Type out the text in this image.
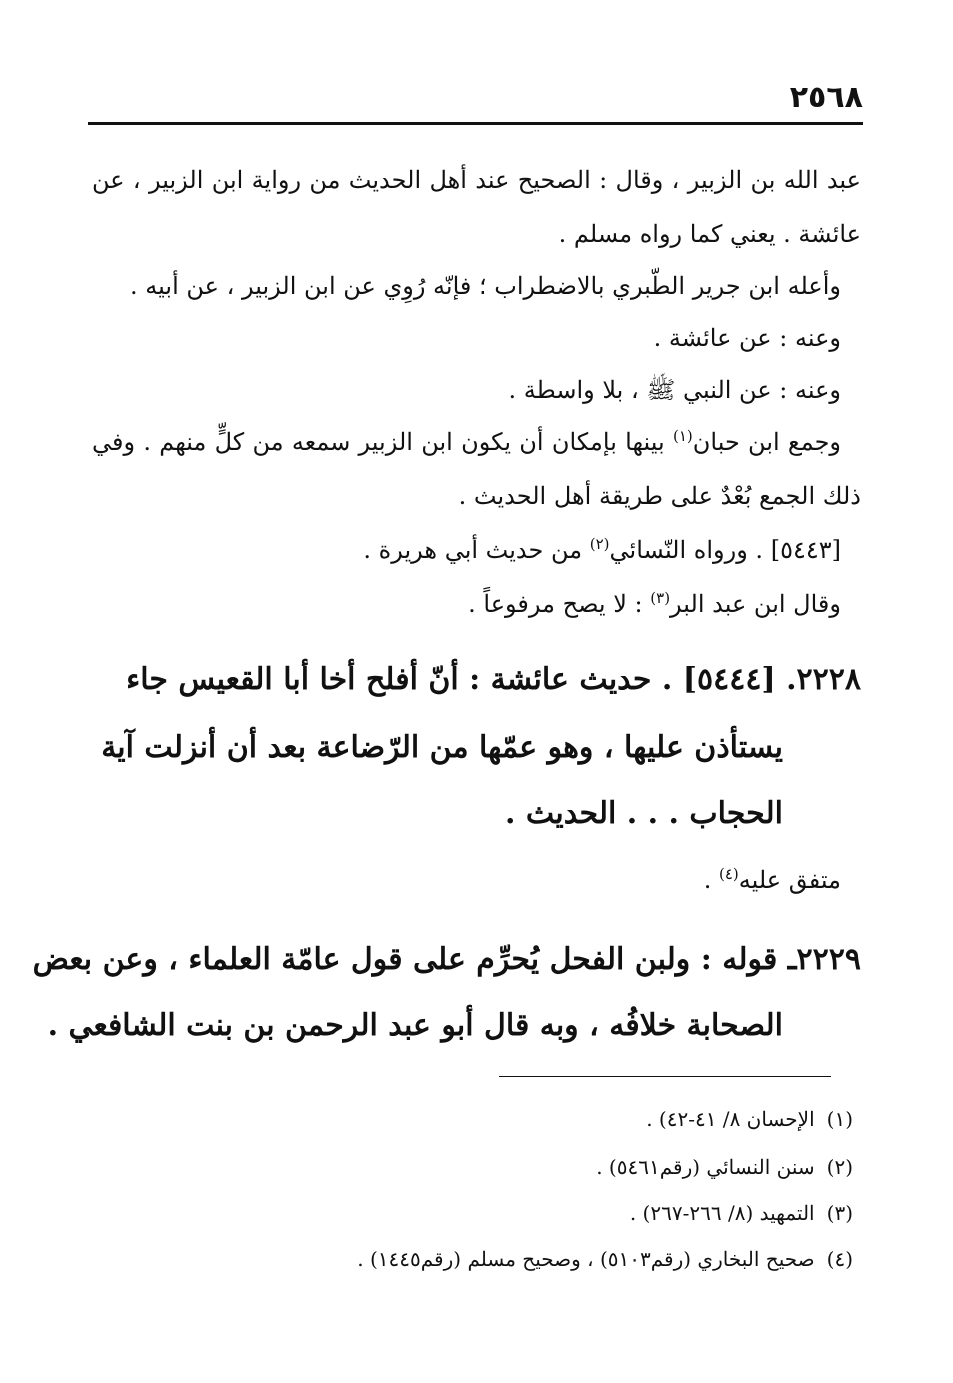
٢٥٦٨
عبد الله بن الزبير ، وقال : الصحيح عند أهل الحديث من رواية ابن الزبير ، عن
عائشة . يعني كما رواه مسلم .
وأعله ابن جرير الطّبري بالاضطراب ؛ فإنّه رُوِي عن ابن الزبير ، عن أبيه .
وعنه : عن عائشة .
وعنه : عن النبي ﷺ ، بلا واسطة .
وجمع ابن حبان$^{(١)}$ بينها بإمكان أن يكون ابن الزبير سمعه من كلٍّ منهم . وفي
ذلك الجمع بُعْدٌ على طريقة أهل الحديث .
[٥٤٤٣] . ورواه النّسائي$^{(٢)}$ من حديث أبي هريرة .
وقال ابن عبد البر$^{(٣)}$ : لا يصح مرفوعاً .
٢٢٢٨. [٥٤٤٤] . حديث عائشة : أنّ أفلح أخا أبا القعيس جاء
يستأذن عليها ، وهو عمّها من الرّضاعة بعد أن أنزلت آية
الحجاب . . . الحديث .
متفق عليه$^{(٤)}$ .
٢٢٢٩ـ قوله : ولبن الفحل يُحرِّم على قول عامّة العلماء ، وعن بعض
الصحابة خلافُه ، وبه قال أبو عبد الرحمن بن بنت الشافعي .
(١)الإحسان ٨/ ٤١-٤٢) .
(٢)سنن النسائي (رقم٥٤٦١) .
(٣)التمهيد (٨/ ٢٦٦-٢٦٧) .
(٤)صحيح البخاري (رقم٥١٠٣) ، وصحيح مسلم (رقم١٤٤٥) .
